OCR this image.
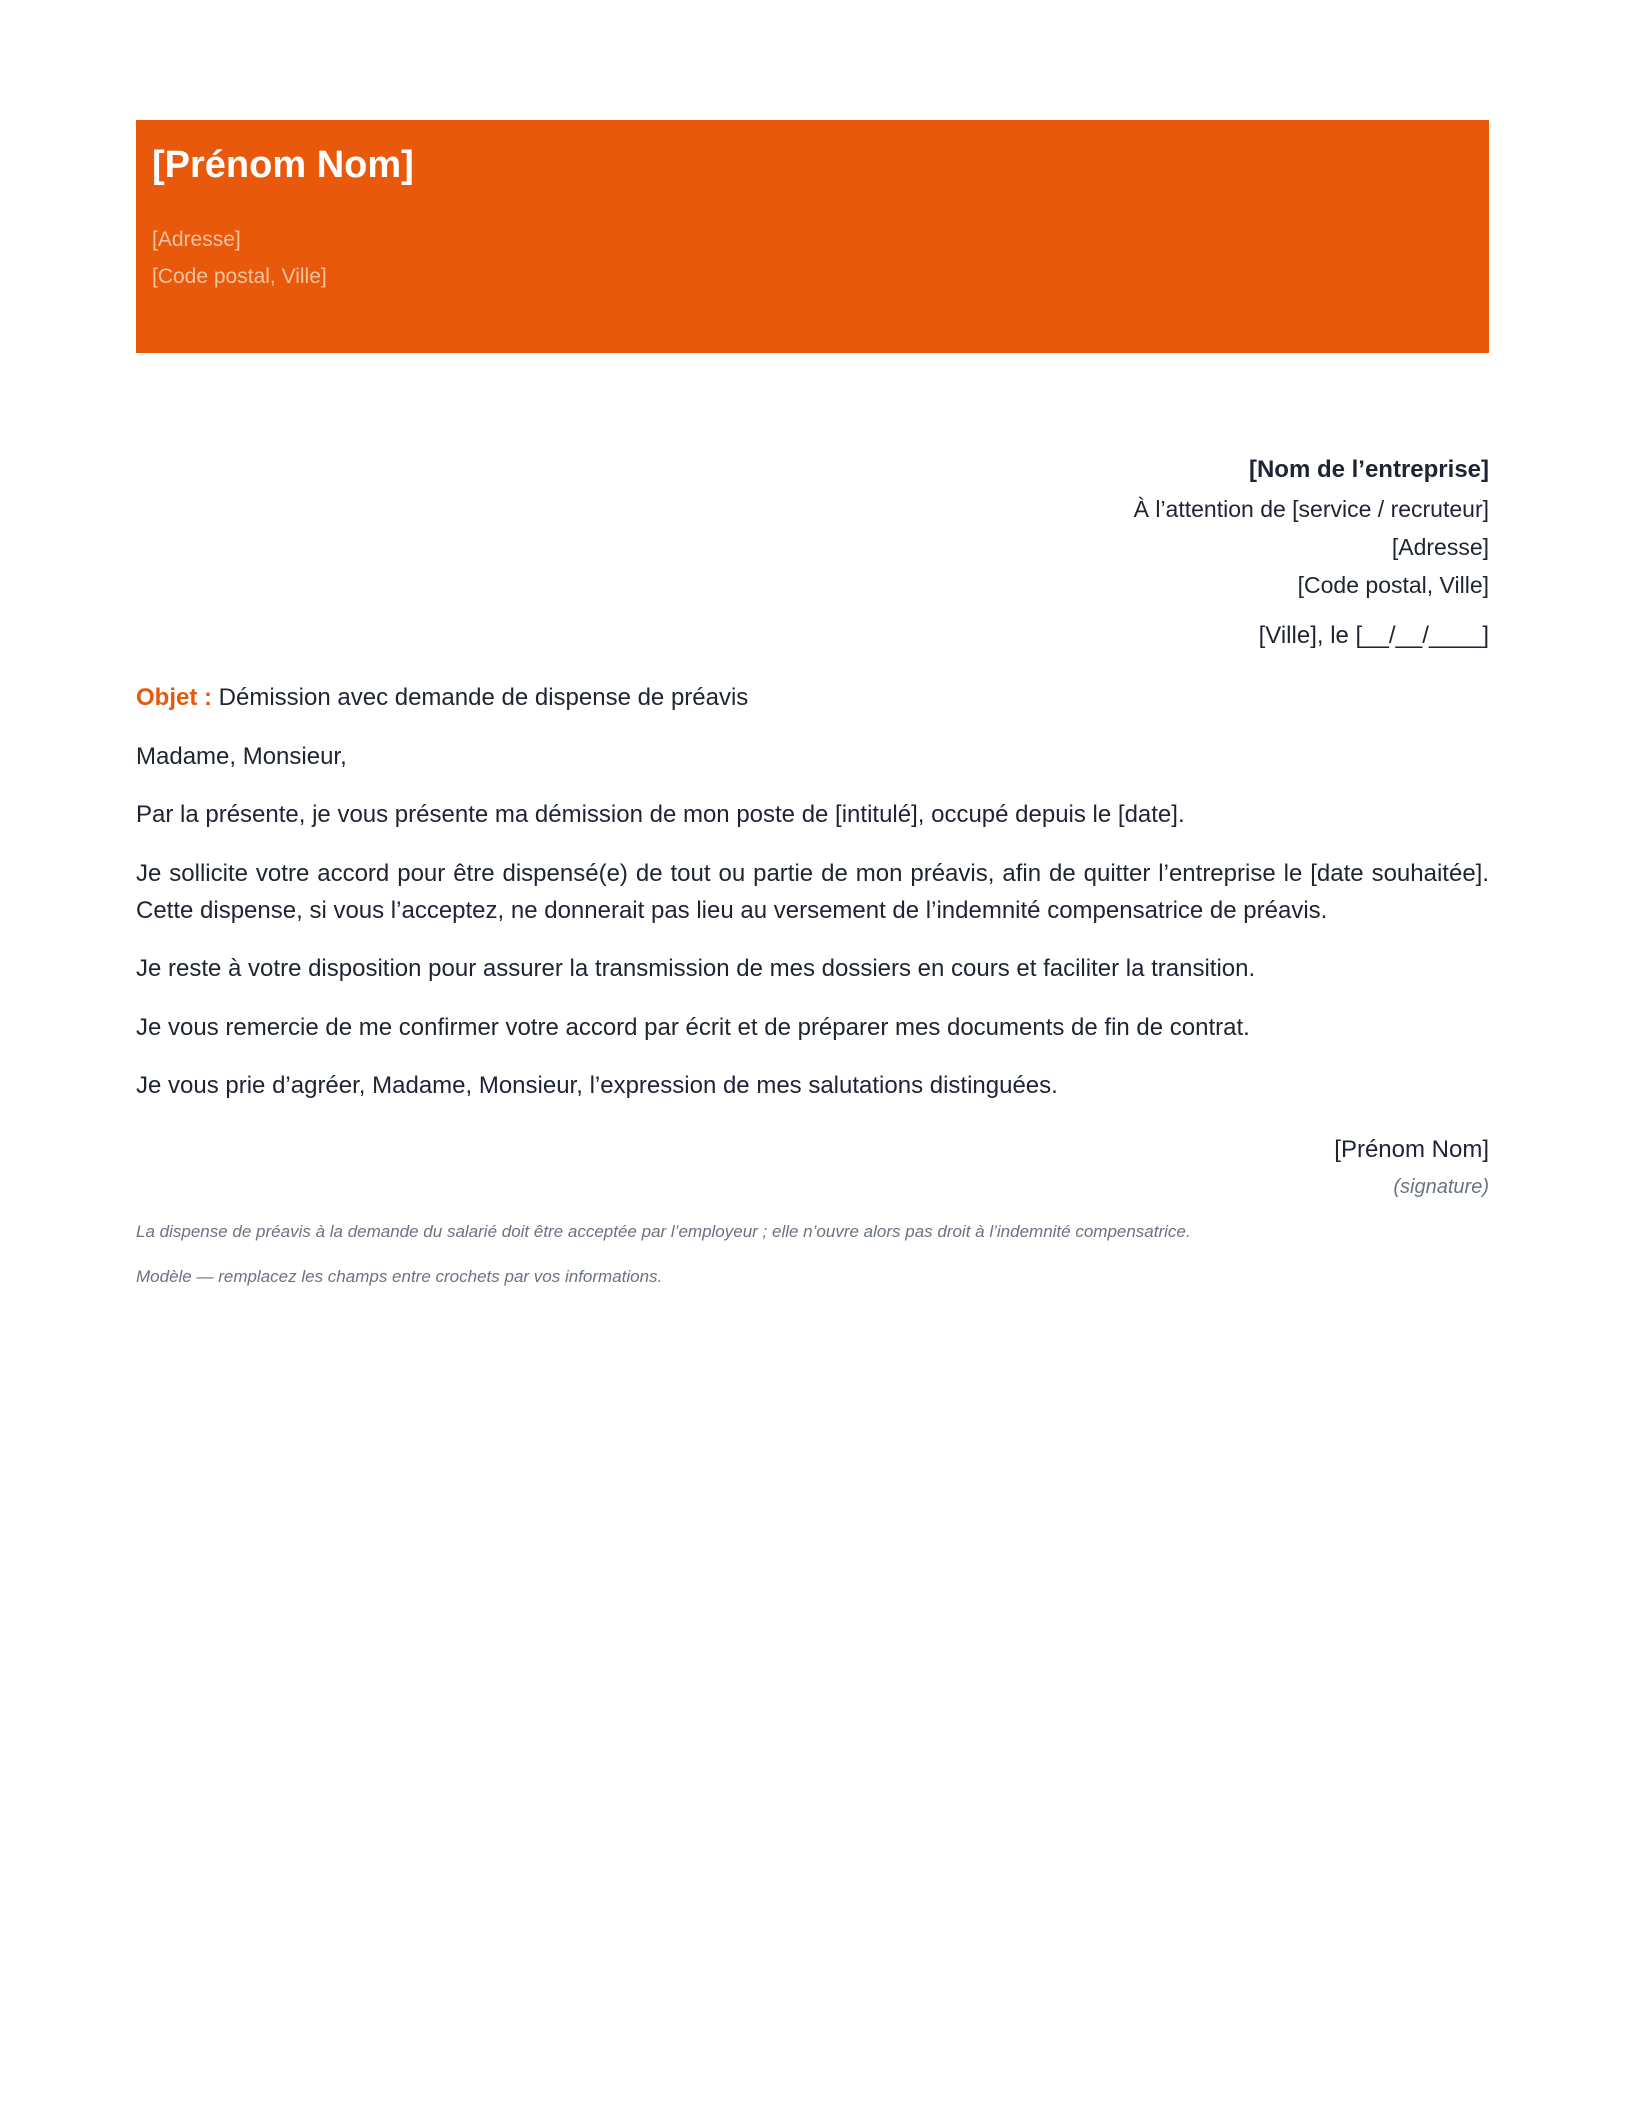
[Prénom Nom]
[Adresse]
[Code postal, Ville]
[Nom de l’entreprise]
À l’attention de [service / recruteur]
[Adresse]
[Code postal, Ville]
[Ville], le [__/__/____]
Objet : Démission avec demande de dispense de préavis
Madame, Monsieur,
Par la présente, je vous présente ma démission de mon poste de [intitulé], occupé depuis le [date].
Je sollicite votre accord pour être dispensé(e) de tout ou partie de mon préavis, afin de quitter l’entreprise le [date souhaitée]. Cette dispense, si vous l’acceptez, ne donnerait pas lieu au versement de l’indemnité compensatrice de préavis.
Je reste à votre disposition pour assurer la transmission de mes dossiers en cours et faciliter la transition.
Je vous remercie de me confirmer votre accord par écrit et de préparer mes documents de fin de contrat.
Je vous prie d’agréer, Madame, Monsieur, l’expression de mes salutations distinguées.
[Prénom Nom]
(signature)
La dispense de préavis à la demande du salarié doit être acceptée par l’employeur ; elle n’ouvre alors pas droit à l’indemnité compensatrice.
Modèle — remplacez les champs entre crochets par vos informations.
